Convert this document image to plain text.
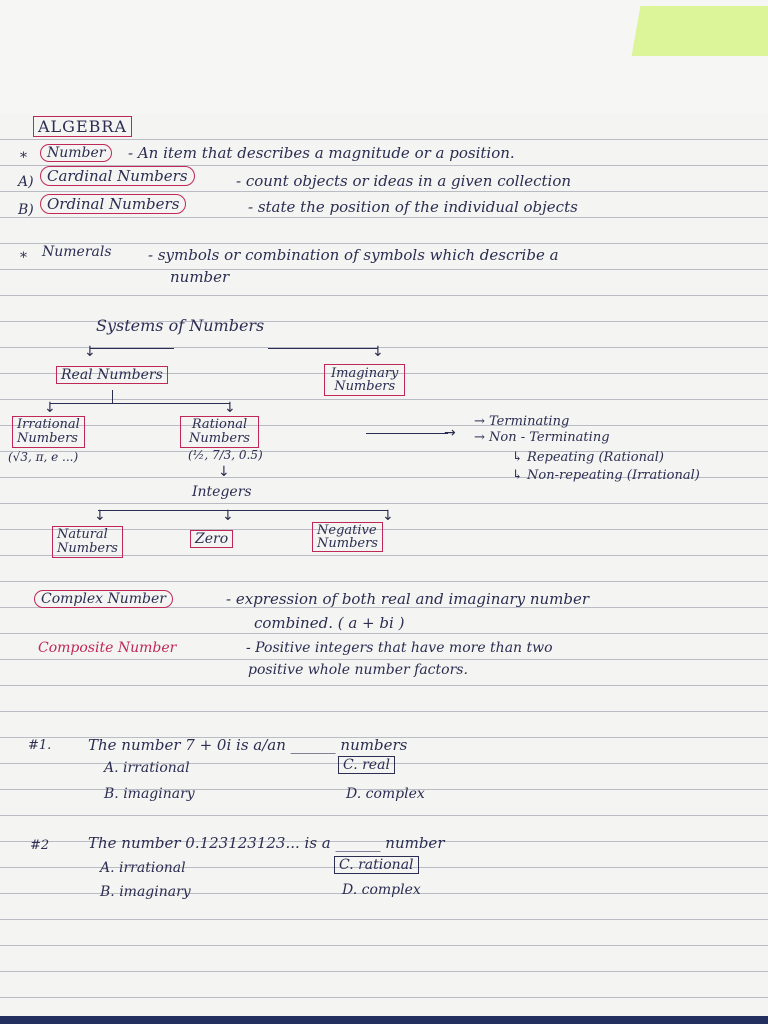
ALGEBRA
*	Number	- An item that describes a magnitude or a position.
A) Cardinal Numbers	- count objects or ideas in a given collection
B) Ordinal Numbers	- state the position of the individual objects
* Numerals - symbols or combination of symbols which describe a
number
Systems of Numbers
↓	↓
Real Numbers	Imaginary
Numbers
↓	↓
Irrational
Numbers
(√3, π, e ...)
Rational
Numbers
(½, 7/3, 0.5)
↓
Integers
↓	↓	↓
Natural
Numbers
Zero
Negative
Numbers
→
→ Terminating
→ Non - Terminating
↳ Repeating (Rational)
↳ Non-repeating (Irrational)
Complex Number	- expression of both real and imaginary number
combined. ( a + bi )
Composite Number	- Positive integers that have more than two
positive whole number factors.
#1. The number 7 + 0i is a/an ______ numbers
A. irrational	C. real
B. imaginary	D. complex
#2	The number 0.123123123... is a ______ number
A. irrational	C. rational
B. imaginary	D. complex
